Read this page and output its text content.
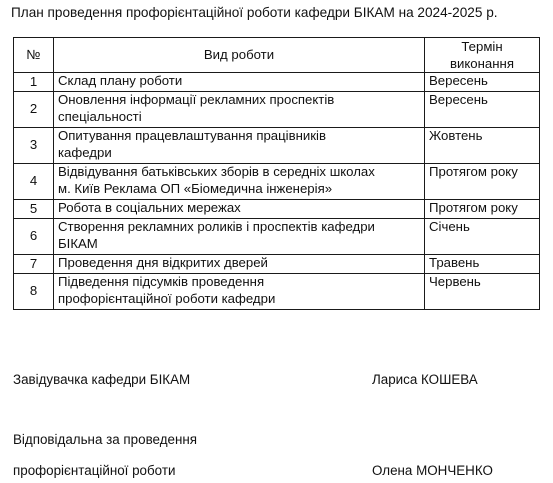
План проведення профорієнтаційної роботи кафедри БІКАМ на 2024-2025 р.
№	Вид роботи	Термін
виконання

1	Склад плану роботи	Вересень
2	Оновлення інформації рекламних проспектів
спеціальності	Вересень
3	Опитування працевлаштування працівників
кафедри	Жовтень
4	Відвідування батьківських зборів в середніх школах
м. Київ Реклама ОП «Біомедична інженерія»	Протягом року
5	Робота в соціальних мережах	Протягом року
6	Створення рекламних роликів і проспектів кафедри
БІКАМ	Січень
7	Проведення дня відкритих дверей	Травень
8	Підведення підсумків проведення
профорієнтаційної роботи кафедри	Червень
Завідувачка кафедри БІКАМ	Лариса КОШЕВА
Відповідальна за проведення
профорієнтаційної роботи	Олена МОНЧЕНКО
